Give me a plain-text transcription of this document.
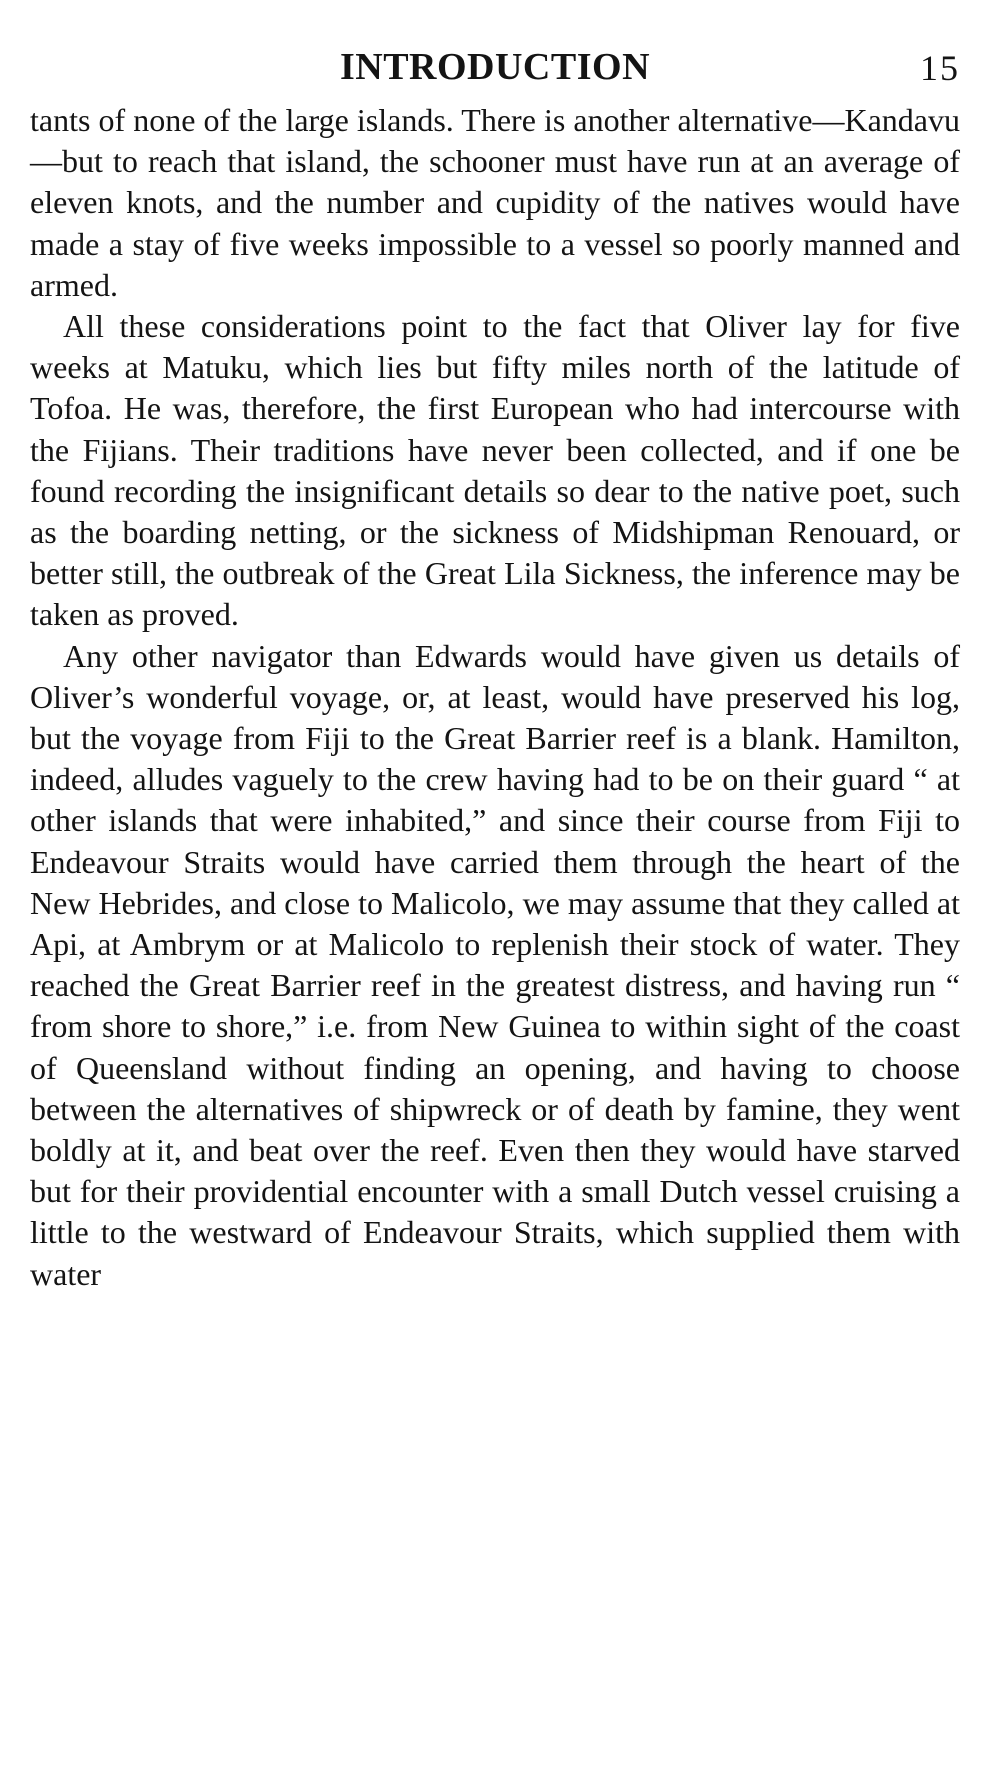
INTRODUCTION	15

tants of none of the large islands. There is another alternative—Kandavu—but to reach that island, the schooner must have run at an average of eleven knots, and the number and cupidity of the natives would have made a stay of five weeks impossible to a vessel so poorly manned and armed.

All these considerations point to the fact that Oliver lay for five weeks at Matuku, which lies but fifty miles north of the latitude of Tofoa. He was, therefore, the first European who had intercourse with the Fijians. Their traditions have never been collected, and if one be found recording the insignificant details so dear to the native poet, such as the boarding netting, or the sickness of Midshipman Renouard, or better still, the outbreak of the Great Lila Sickness, the inference may be taken as proved.

Any other navigator than Edwards would have given us details of Oliver’s wonderful voyage, or, at least, would have preserved his log, but the voyage from Fiji to the Great Barrier reef is a blank. Hamilton, indeed, alludes vaguely to the crew having had to be on their guard “ at other islands that were inhabited,” and since their course from Fiji to Endeavour Straits would have carried them through the heart of the New Hebrides, and close to Malicolo, we may assume that they called at Api, at Ambrym or at Malicolo to replenish their stock of water. They reached the Great Barrier reef in the greatest distress, and having run “ from shore to shore,” i.e. from New Guinea to within sight of the coast of Queensland without finding an opening, and having to choose between the alternatives of shipwreck or of death by famine, they went boldly at it, and beat over the reef. Even then they would have starved but for their providential encounter with a small Dutch vessel cruising a little to the westward of Endeavour Straits, which supplied them with water
